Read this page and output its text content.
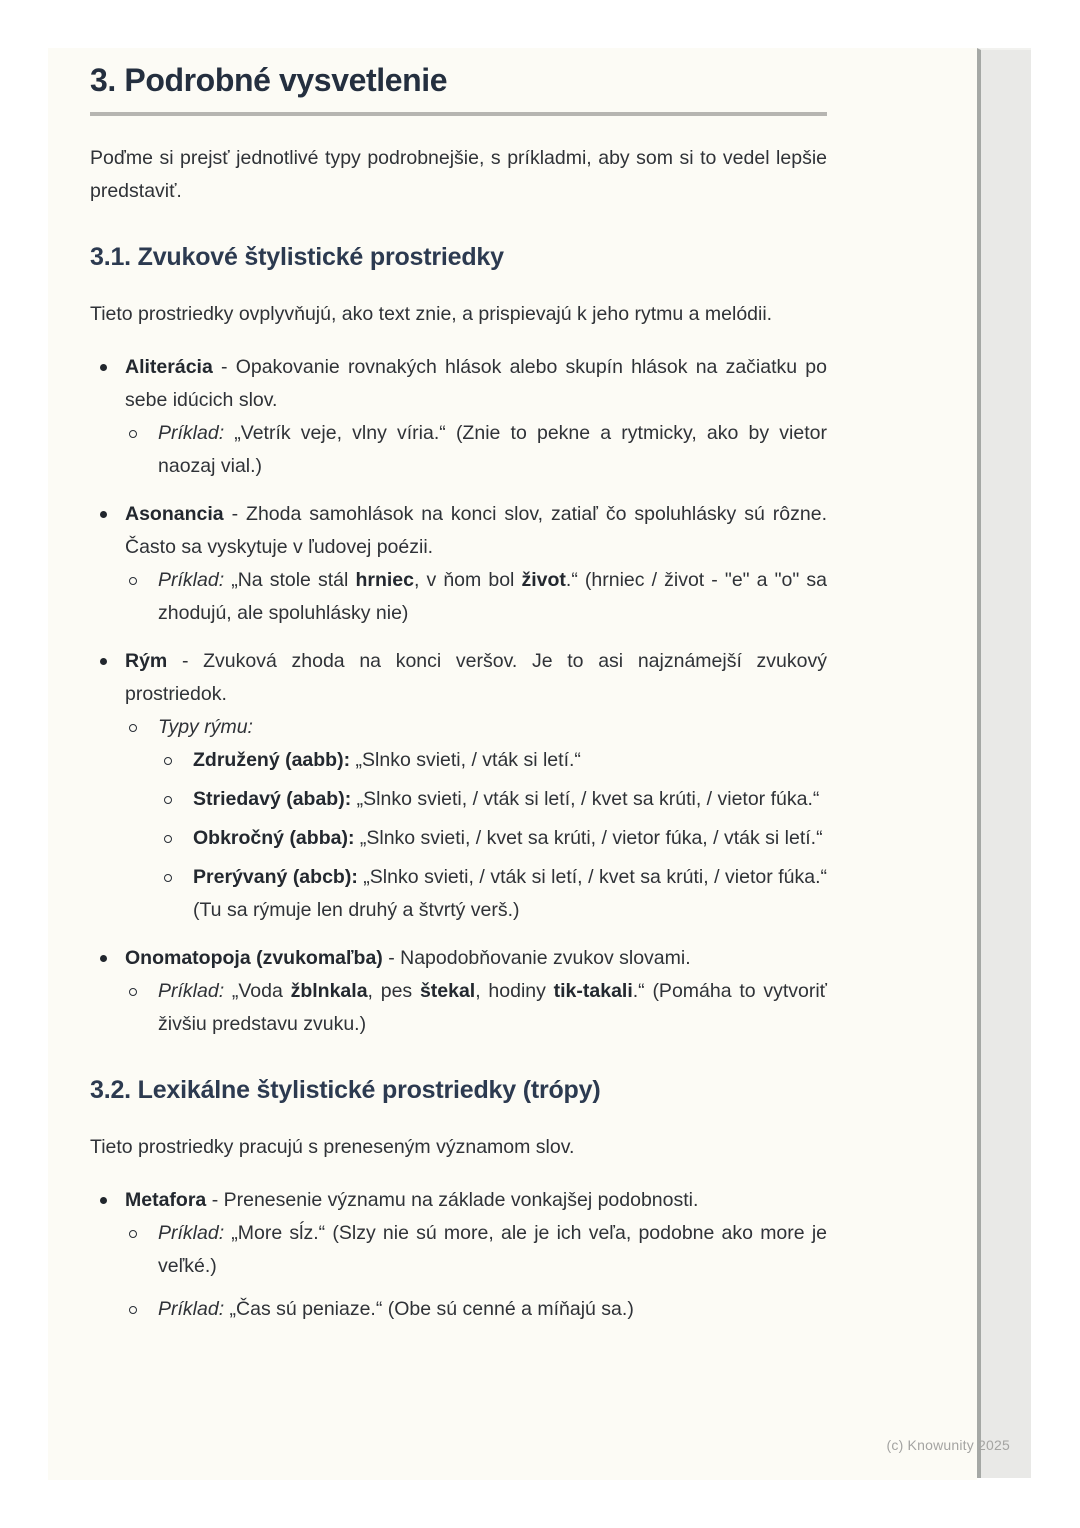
3. Podrobné vysvetlenie

Poďme si prejsť jednotlivé typy podrobnejšie, s príkladmi, aby som si to vedel lepšie predstaviť.

3.1. Zvukové štylistické prostriedky

Tieto prostriedky ovplyvňujú, ako text znie, a prispievajú k jeho rytmu a melódii.

Aliterácia - Opakovanie rovnakých hlások alebo skupín hlások na začiatku po sebe idúcich slov.
Príklad: „Vetrík veje, vlny víria.“ (Znie to pekne a rytmicky, ako by vietor naozaj vial.)
Asonancia - Zhoda samohlások na konci slov, zatiaľ čo spoluhlásky sú rôzne. Často sa vyskytuje v ľudovej poézii.
Príklad: „Na stole stál hrniec, v ňom bol život.“ (hrniec / život - "e" a "o" sa zhodujú, ale spoluhlásky nie)
Rým - Zvuková zhoda na konci veršov. Je to asi najznámejší zvukový prostriedok.
Typy rýmu:
Združený (aabb): „Slnko svieti, / vták si letí.“
Striedavý (abab): „Slnko svieti, / vták si letí, / kvet sa krúti, / vietor fúka.“
Obkročný (abba): „Slnko svieti, / kvet sa krúti, / vietor fúka, / vták si letí.“
Prerývaný (abcb): „Slnko svieti, / vták si letí, / kvet sa krúti, / vietor fúka.“ (Tu sa rýmuje len druhý a štvrtý verš.)
Onomatopoja (zvukomaľba) - Napodobňovanie zvukov slovami.
Príklad: „Voda žblnkala, pes štekal, hodiny tik-takali.“ (Pomáha to vytvoriť živšiu predstavu zvuku.)
3.2. Lexikálne štylistické prostriedky (trópy)

Tieto prostriedky pracujú s preneseným významom slov.

Metafora - Prenesenie významu na základe vonkajšej podobnosti.
Príklad: „More sĺz.“ (Slzy nie sú more, ale je ich veľa, podobne ako more je veľké.)
Príklad: „Čas sú peniaze.“ (Obe sú cenné a míňajú sa.)
(c) Knowunity 2025
